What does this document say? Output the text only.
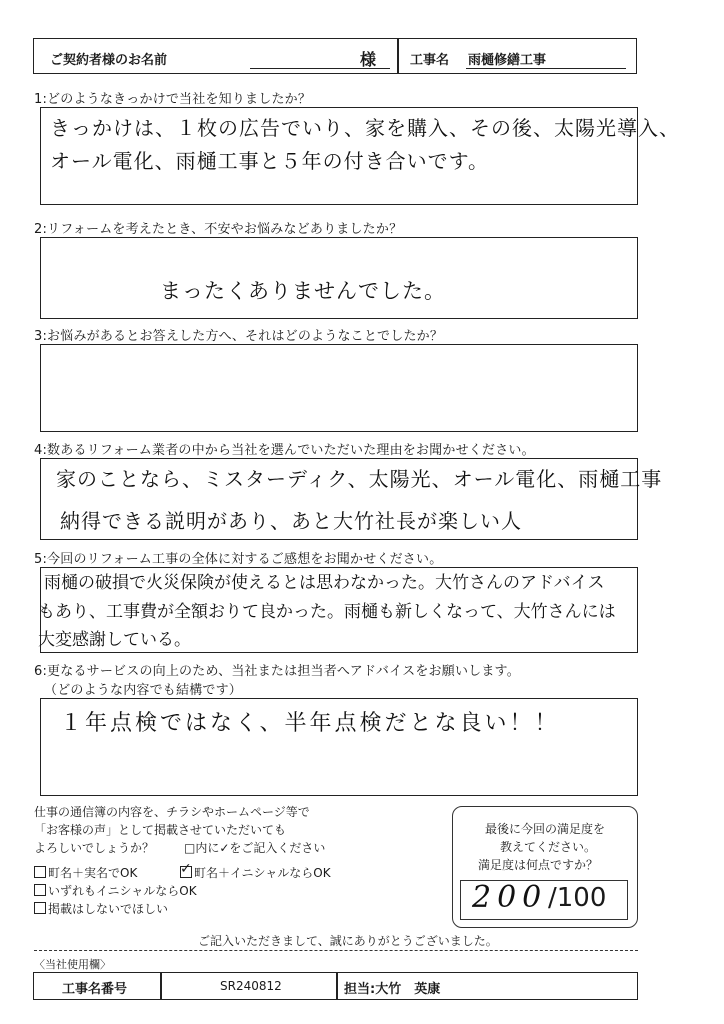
ご契約者様のお名前	様	工事名 雨樋修繕工事
1:どのようなきっかけで当社を知りましたか？
きっかけは、１枚の広告でいり、家を購入、その後、太陽光導入、
オール電化、雨樋工事と５年の付き合いです。
2:リフォームを考えたとき、不安やお悩みなどありましたか？
まったくありませんでした。
3:お悩みがあるとお答えした方へ、それはどのようなことでしたか？
4:数あるリフォーム業者の中から当社を選んでいただいた理由をお聞かせください。
家のことなら、ミスターディク、太陽光、オール電化、雨樋工事
納得できる説明があり、あと大竹社長が楽しい人
5:今回のリフォーム工事の全体に対するご感想をお聞かせください。
雨樋の破損で火災保険が使えるとは思わなかった。大竹さんのアドバイス
もあり、工事費が全額おりて良かった。雨樋も新しくなって、大竹さんには
大変感謝している。
6:更なるサービスの向上のため、当社または担当者へアドバイスをお願いします。
（どのような内容でも結構です）
１年点検ではなく、半年点検だとな良い！！
仕事の通信簿の内容を、チラシやホームページ等で
「お客様の声」として掲載させていただいても
よろしいでしょうか？ □内に✓をご記入ください
町名＋実名でOK
✓	町名＋イニシャルならOK
いずれもイニシャルならOK
掲載はしないでほしい
最後に今回の満足度を
教えてください。
満足度は何点ですか？
200 /100
ご記入いただきまして、誠にありがとうございました。
〈当社使用欄〉
工事名番号	SR240812	担当:大竹　英康
